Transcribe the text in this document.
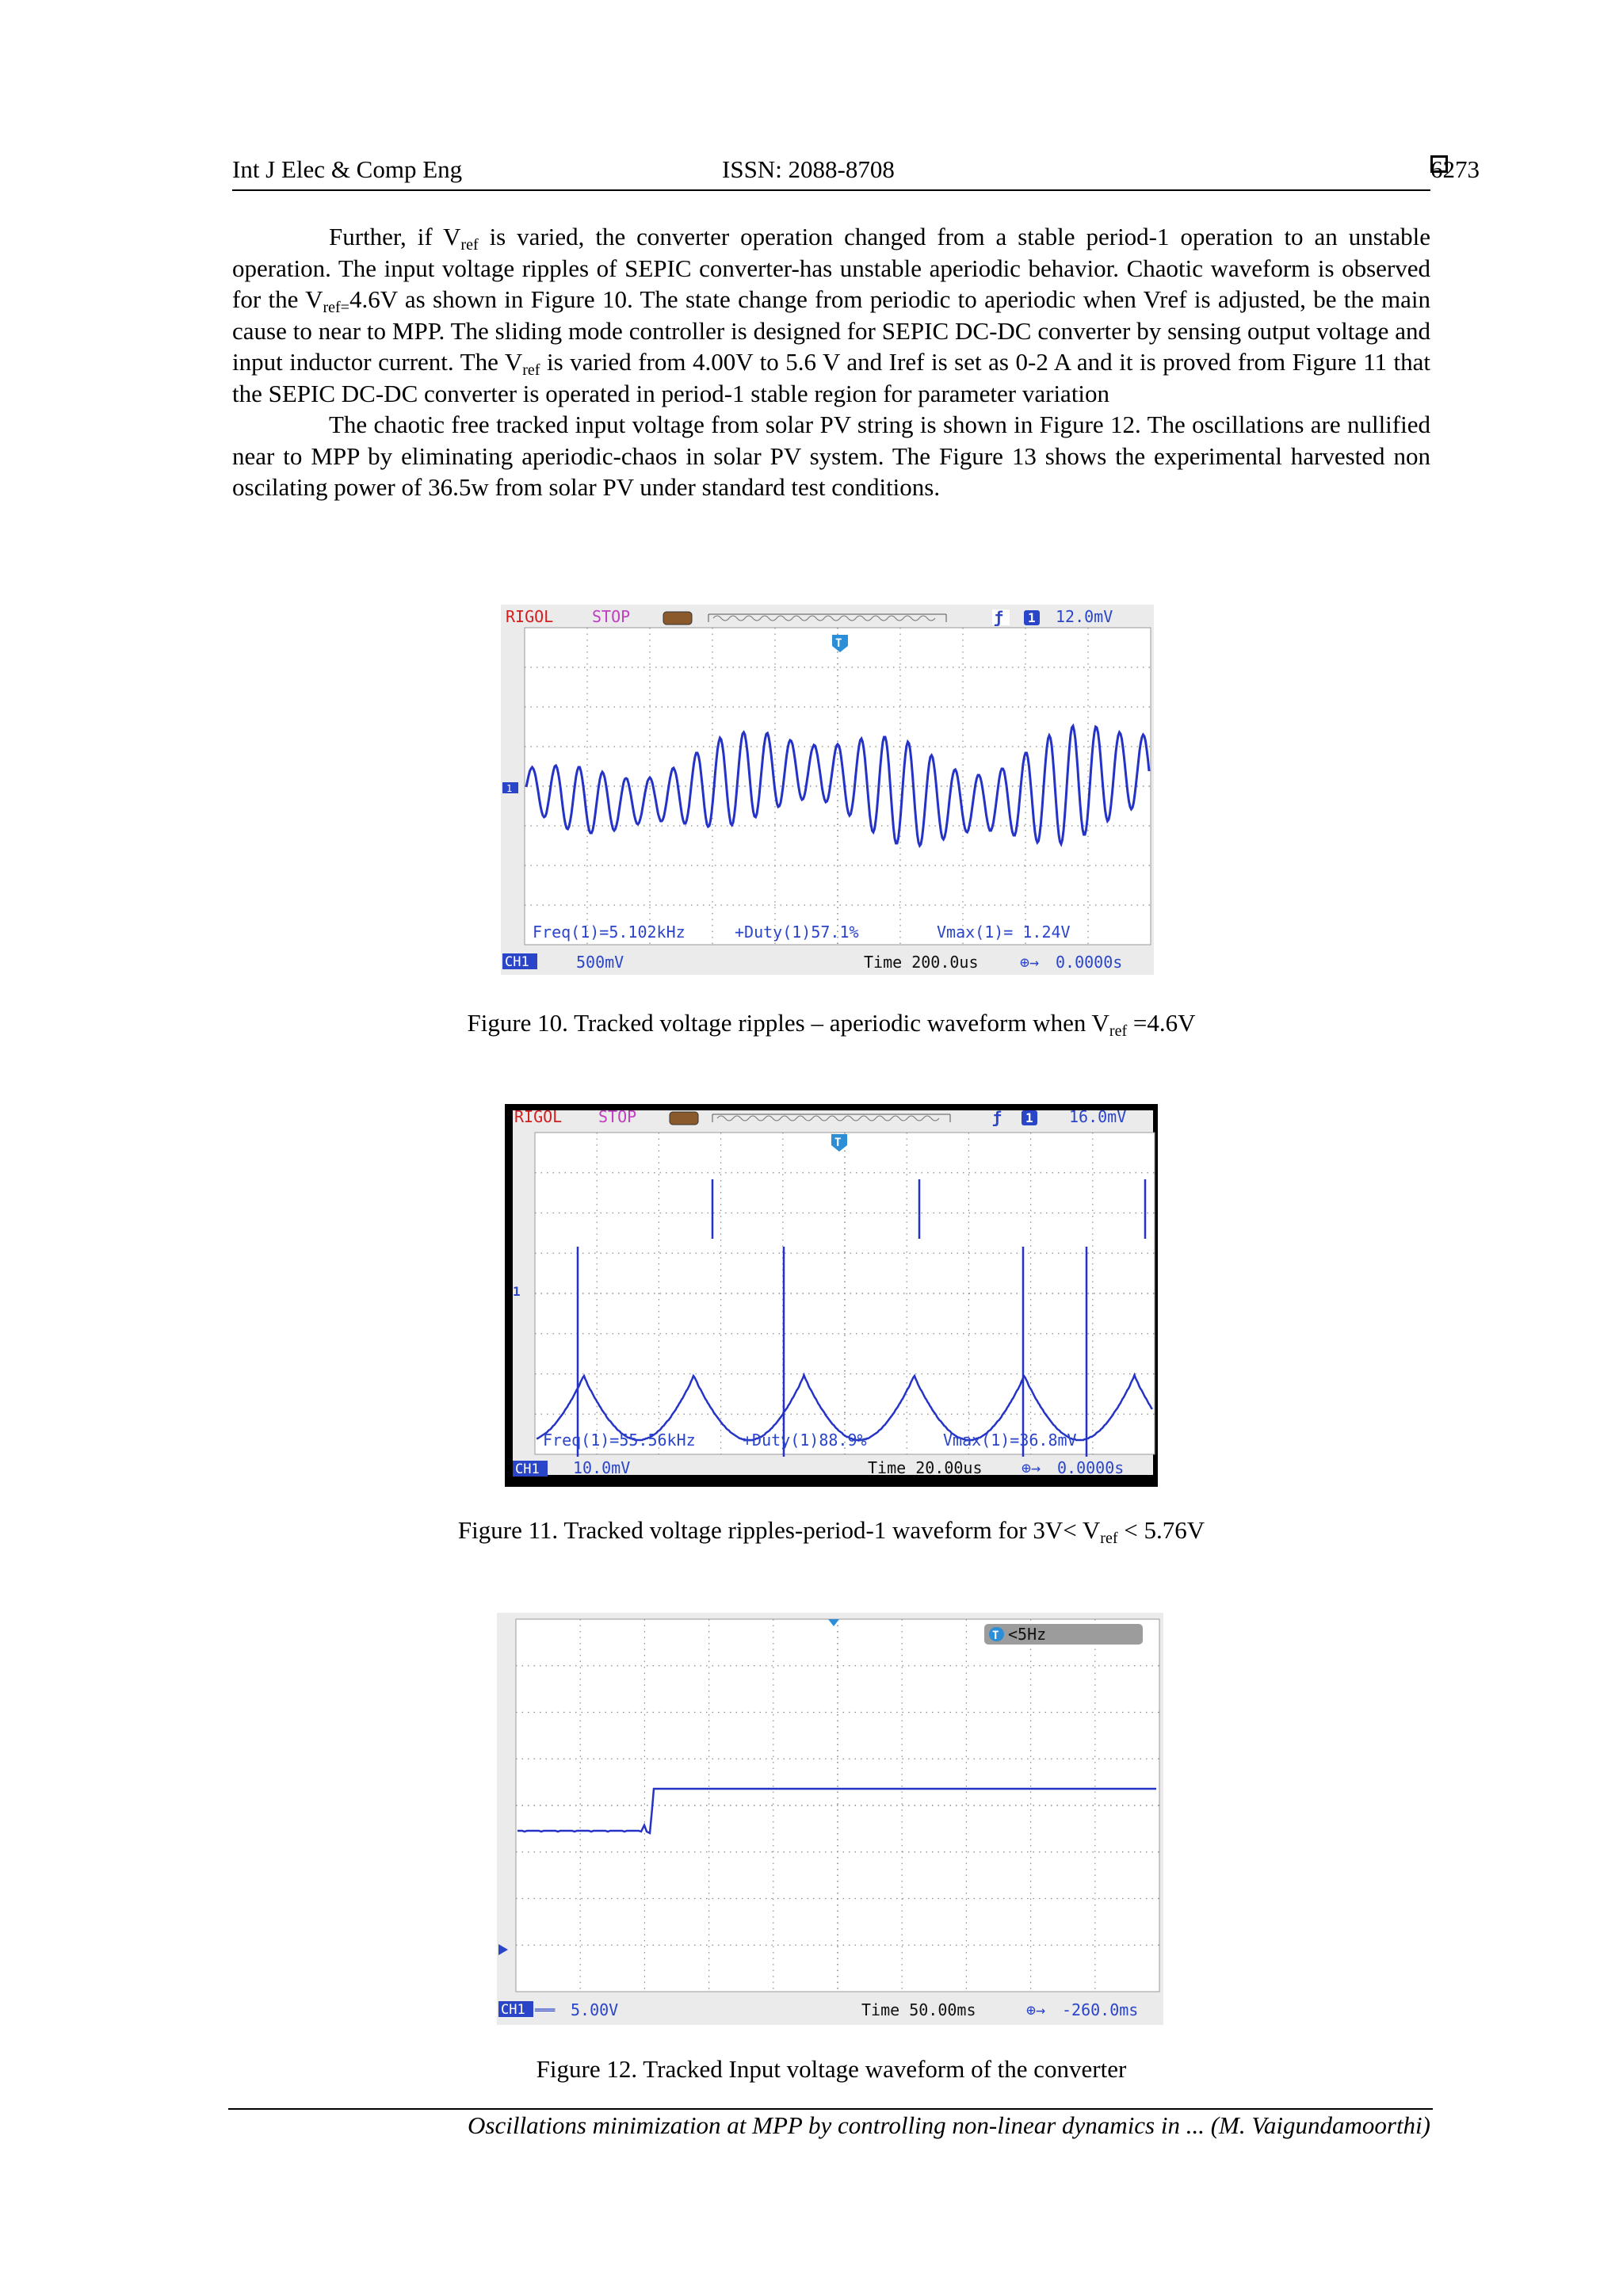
Int J Elec & Comp Eng	ISSN: 2088-8708	6273

Further, if $V_{ref}$ is varied, the converter operation changed from a stable period-1 operation to an unstable operation. The input voltage ripples of SEPIC converter-has unstable aperiodic behavior. Chaotic waveform is observed for the $V_{ref=}4.6V$ as shown in Figure 10. The state change from periodic to aperiodic when Vref is adjusted, be the main cause to near to MPP. The sliding mode controller is designed for SEPIC DC-DC converter by sensing output voltage and input inductor current. The $V_{ref}$ is varied from 4.00V to 5.6 V and Iref is set as 0-2 A and it is proved from Figure 11 that the SEPIC DC-DC converter is operated in period-1 stable region for parameter variation

The chaotic free tracked input voltage from solar PV string is shown in Figure 12. The oscillations are nullified near to MPP by eliminating aperiodic-chaos in solar PV system. The Figure 13 shows the experimental harvested non oscilating power of 36.5w from solar PV under standard test conditions.

RIGOL STOP	ƒ 1 12.0mV
T
1
Freq(1)=5.102kHz	+Duty(1)57.1%	Vmax(1)= 1.24V
CH1	500mV	Time 200.0us	⊕→ 0.0000s
Figure 10. Tracked voltage ripples – aperiodic waveform when $V_{ref} =4.6V$
RIGOL STOP	ƒ 1 16.0mV
T
1
Freq(1)=55.56kHz	+Duty(1)88.9%	Vmax(1)=36.8mV
CH1 10.0mV	Time 20.00us ⊕→ 0.0000s
Figure 11. Tracked voltage ripples-period-1 waveform for $3V< V_{ref} < 5.76V$
T <5Hz
CH1 ═══ 5.00V	Time 50.00ms	⊕→ -260.0ms
Figure 12. Tracked Input voltage waveform of the converter
Oscillations minimization at MPP by controlling non-linear dynamics in ... (M. Vaigundamoorthi)
